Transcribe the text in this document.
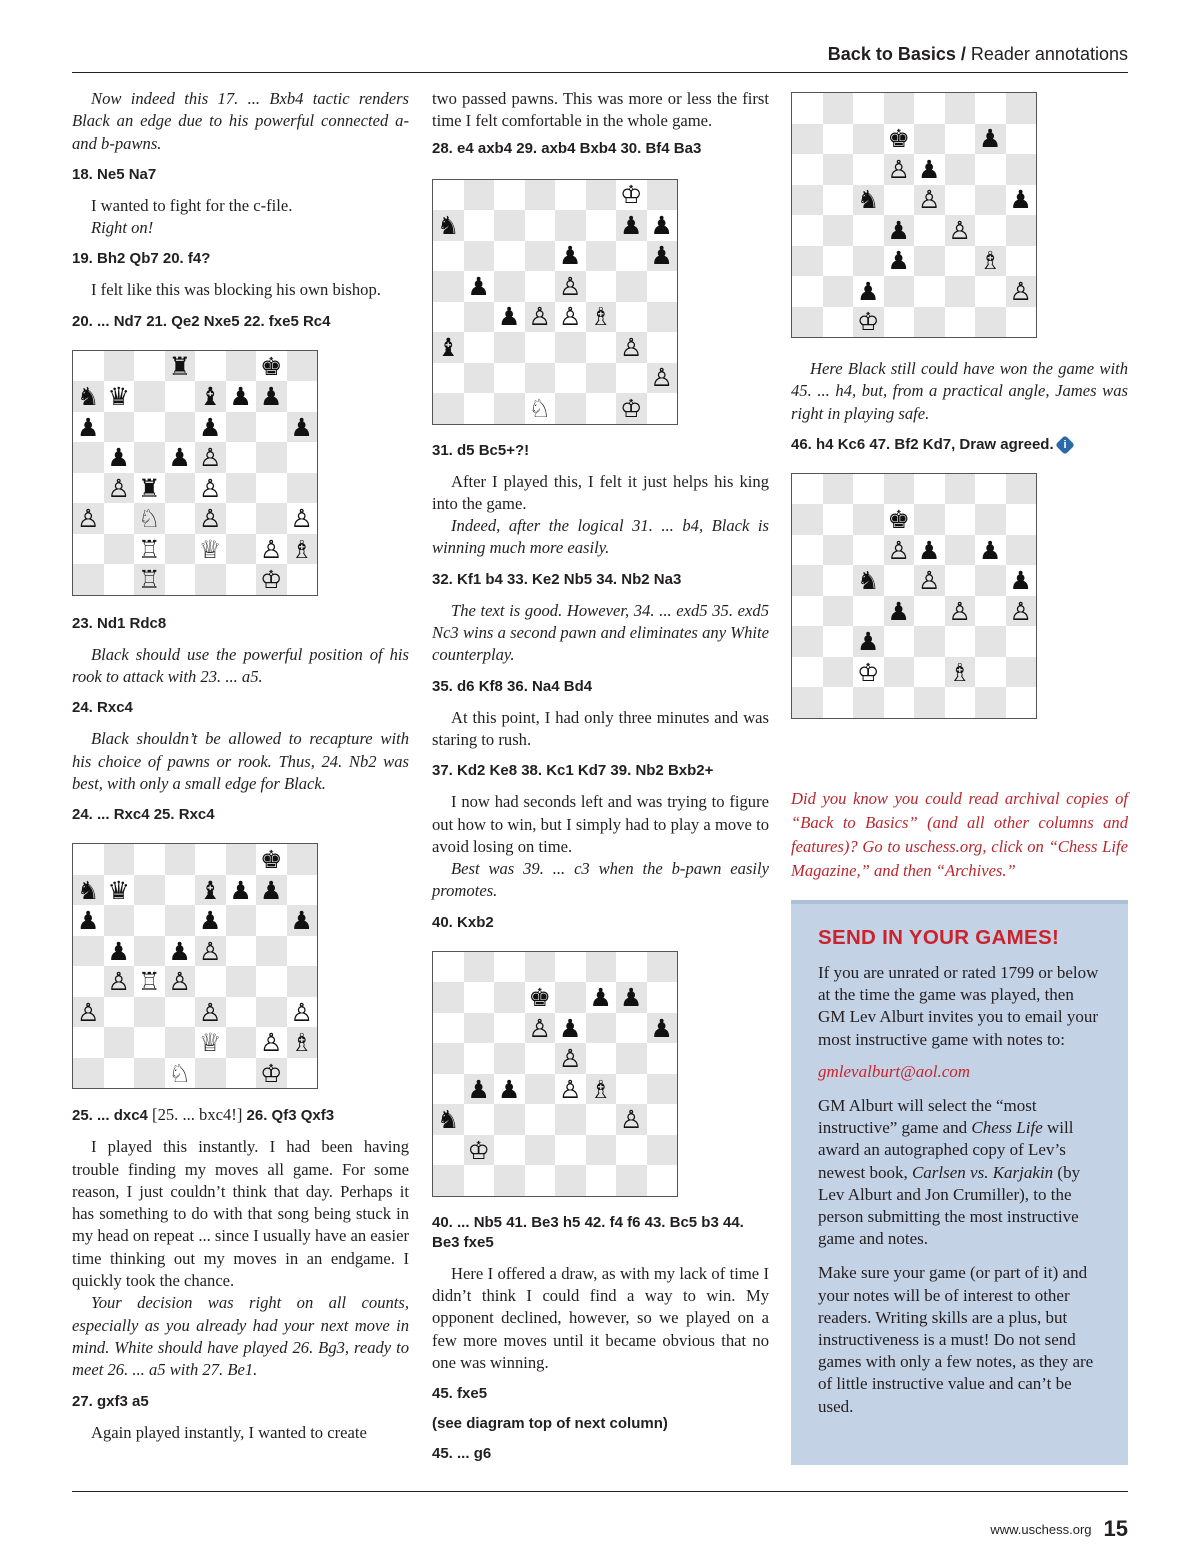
Back to Basics / Reader annotations

Now indeed this 17. ... Bxb4 tactic renders Black an edge due to his powerful connected a- and b-pawns.

18. Ne5 Na7

I wanted to fight for the c-file.

Right on!

19. Bh2 Qb7 20. f4?

I felt like this was blocking his own bishop.

20. ... Nd7 21. Qe2 Nxe5 22. fxe5 Rc4
♜	♚
♞ ♛	♝ ♟ ♟
♟	♟	♟
♟ ♟ ♙
♙ ♜ ♙
♙ ♘ ♙	♙
♖ ♕ ♙ ♗
♖	♔
23. Nd1 Rdc8

Black should use the powerful position of his rook to attack with 23. ... a5.

24. Rxc4

Black shouldn’t be allowed to recapture with his choice of pawns or rook. Thus, 24. Nb2 was best, with only a small edge for Black.

24. ... Rxc4 25. Rxc4
♚
♞ ♛	♝ ♟ ♟
♟	♟	♟
♟ ♟ ♙
♙ ♖ ♙
♙	♙	♙
♕ ♙ ♗
♘	♔
25. ... dxc4 [25. ... bxc4!] 26. Qf3 Qxf3

I played this instantly. I had been having trouble finding my moves all game. For some reason, I just couldn’t think that day. Perhaps it has something to do with that song being stuck in my head on repeat ... since I usually have an easier time thinking out my moves in an endgame. I quickly took the chance.

Your decision was right on all counts, especially as you already had your next move in mind. White should have played 26. Bg3, ready to meet 26. ... a5 with 27. Be1.

27. gxf3 a5

Again played instantly, I wanted to create

two passed pawns. This was more or less the first time I felt comfortable in the whole game.

28. e4 axb4 29. axb4 Bxb4 30. Bf4 Ba3
♔
♞	♟ ♟
♟	♟
♟	♙
♟ ♙ ♙ ♗
♝	♙
♙
♘	♔
31. d5 Bc5+?!

After I played this, I felt it just helps his king into the game.

Indeed, after the logical 31. ... b4, Black is winning much more easily.

32. Kf1 b4 33. Ke2 Nb5 34. Nb2 Na3

The text is good. However, 34. ... exd5 35. exd5 Nc3 wins a second pawn and eliminates any White counterplay.

35. d6 Kf8 36. Na4 Bd4

At this point, I had only three minutes and was staring to rush.

37. Kd2 Ke8 38. Kc1 Kd7 39. Nb2 Bxb2+

I now had seconds left and was trying to figure out how to win, but I simply had to play a move to avoid losing on time.

Best was 39. ... c3 when the b-pawn easily promotes.

40. Kxb2
♚ ♟ ♟
♙ ♟	♟
♙
♟ ♟ ♙ ♗
♞	♙
♔
40. ... Nb5 41. Be3 h5 42. f4 f6 43. Bc5 b3 44. Be3 fxe5

Here I offered a draw, as with my lack of time I didn’t think I could find a way to win. My opponent declined, however, so we played on a few more moves until it became obvious that no one was winning.

45. fxe5
(see diagram top of next column)
45. ... g6
♚	♟
♙ ♟
♞ ♙	♟
♟ ♙
♟	♗
♟	♙
♔

Here Black still could have won the game with 45. ... h4, but, from a practical angle, James was right in playing safe.

46. h4 Kc6 47. Bf2 Kd7, Draw agreed. i
♚
♙ ♟ ♟
♞ ♙	♟
♟ ♙ ♙
♟
♔	♗

Did you know you could read archival copies of “Back to Basics” (and all other columns and features)? Go to uschess.org, click on “Chess Life Magazine,” and then “Archives.”

SEND IN YOUR GAMES!

If you are unrated or rated 1799 or below at the time the game was played, then GM Lev Alburt invites you to email your most instructive game with notes to:

gmlevalburt@aol.com

GM Alburt will select the “most instructive” game and Chess Life will award an autographed copy of Lev’s newest book, Carlsen vs. Karjakin (by Lev Alburt and Jon Crumiller), to the person submitting the most instructive game and notes.

Make sure your game (or part of it) and your notes will be of interest to other readers. Writing skills are a plus, but instructiveness is a must! Do not send games with only a few notes, as they are of little instructive value and can’t be used.

www.uschess.org 15
